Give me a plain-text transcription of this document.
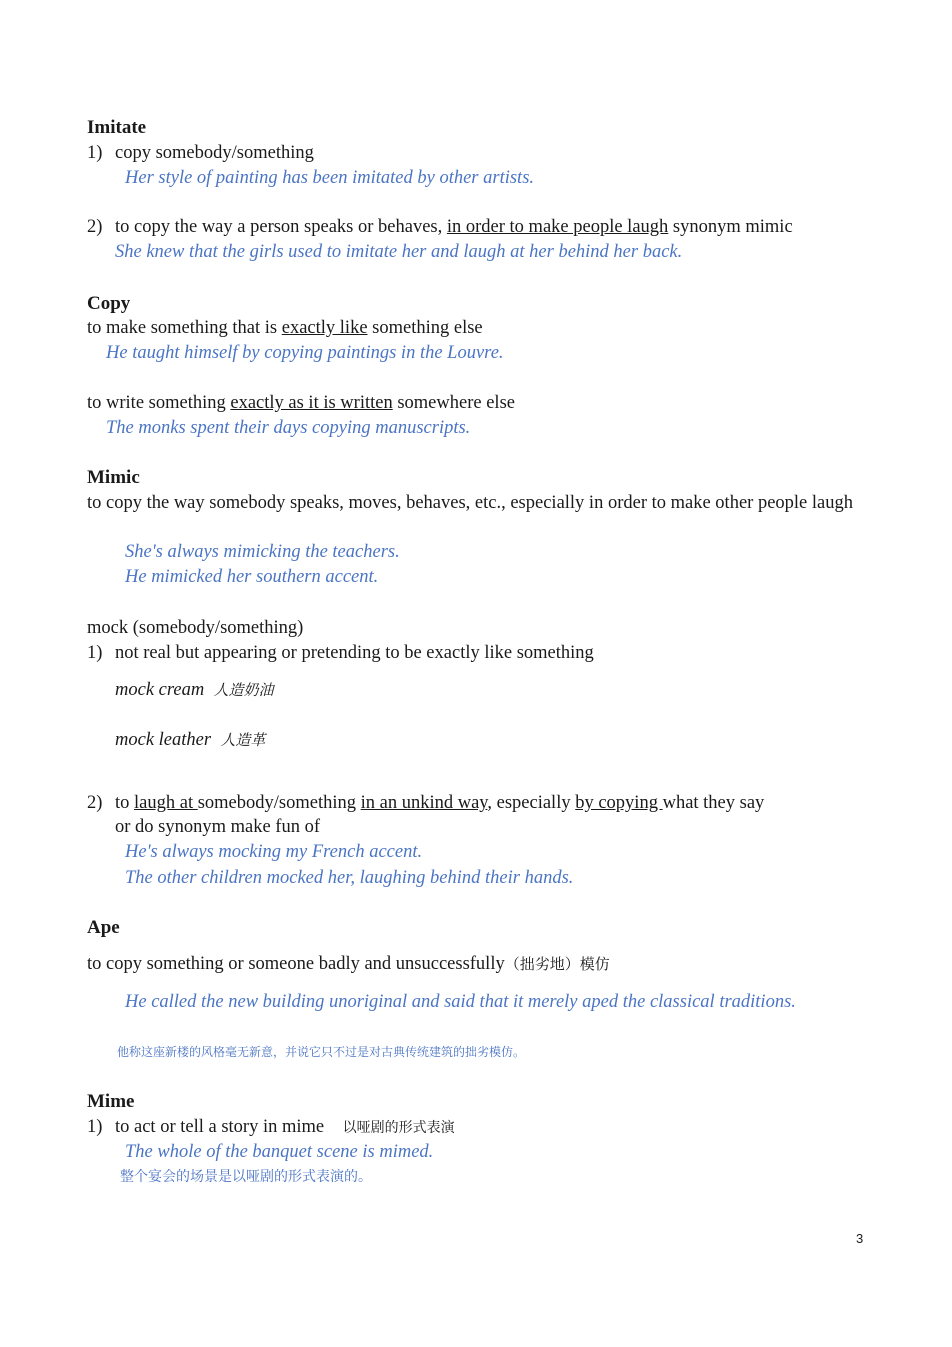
Imitate
1) copy somebody/something
Her style of painting has been imitated by other artists.
2) to copy the way a person speaks or behaves, in order to make people laugh synonym mimic
She knew that the girls used to imitate her and laugh at her behind her back.
Copy
to make something that is exactly like something else
He taught himself by copying paintings in the Louvre.
to write something exactly as it is written somewhere else
The monks spent their days copying manuscripts.
Mimic
to copy the way somebody speaks, moves, behaves, etc., especially in order to make other people laugh
She's always mimicking the teachers.
He mimicked her southern accent.
mock (somebody/something)
1) not real but appearing or pretending to be exactly like something
mock cream 人造奶油
mock leather 人造革
2) to laugh at somebody/something in an unkind way, especially by copying what they say
or do synonym make fun of
He's always mocking my French accent.
The other children mocked her, laughing behind their hands.
Ape
to copy something or someone badly and unsuccessfully（拙劣地）模仿
He called the new building unoriginal and said that it merely aped the classical traditions.
他称这座新楼的风格毫无新意，并说它只不过是对古典传统建筑的拙劣模仿。
Mime
1) to act or tell a story in mime 以哑剧的形式表演
The whole of the banquet scene is mimed.
整个宴会的场景是以哑剧的形式表演的。
3
